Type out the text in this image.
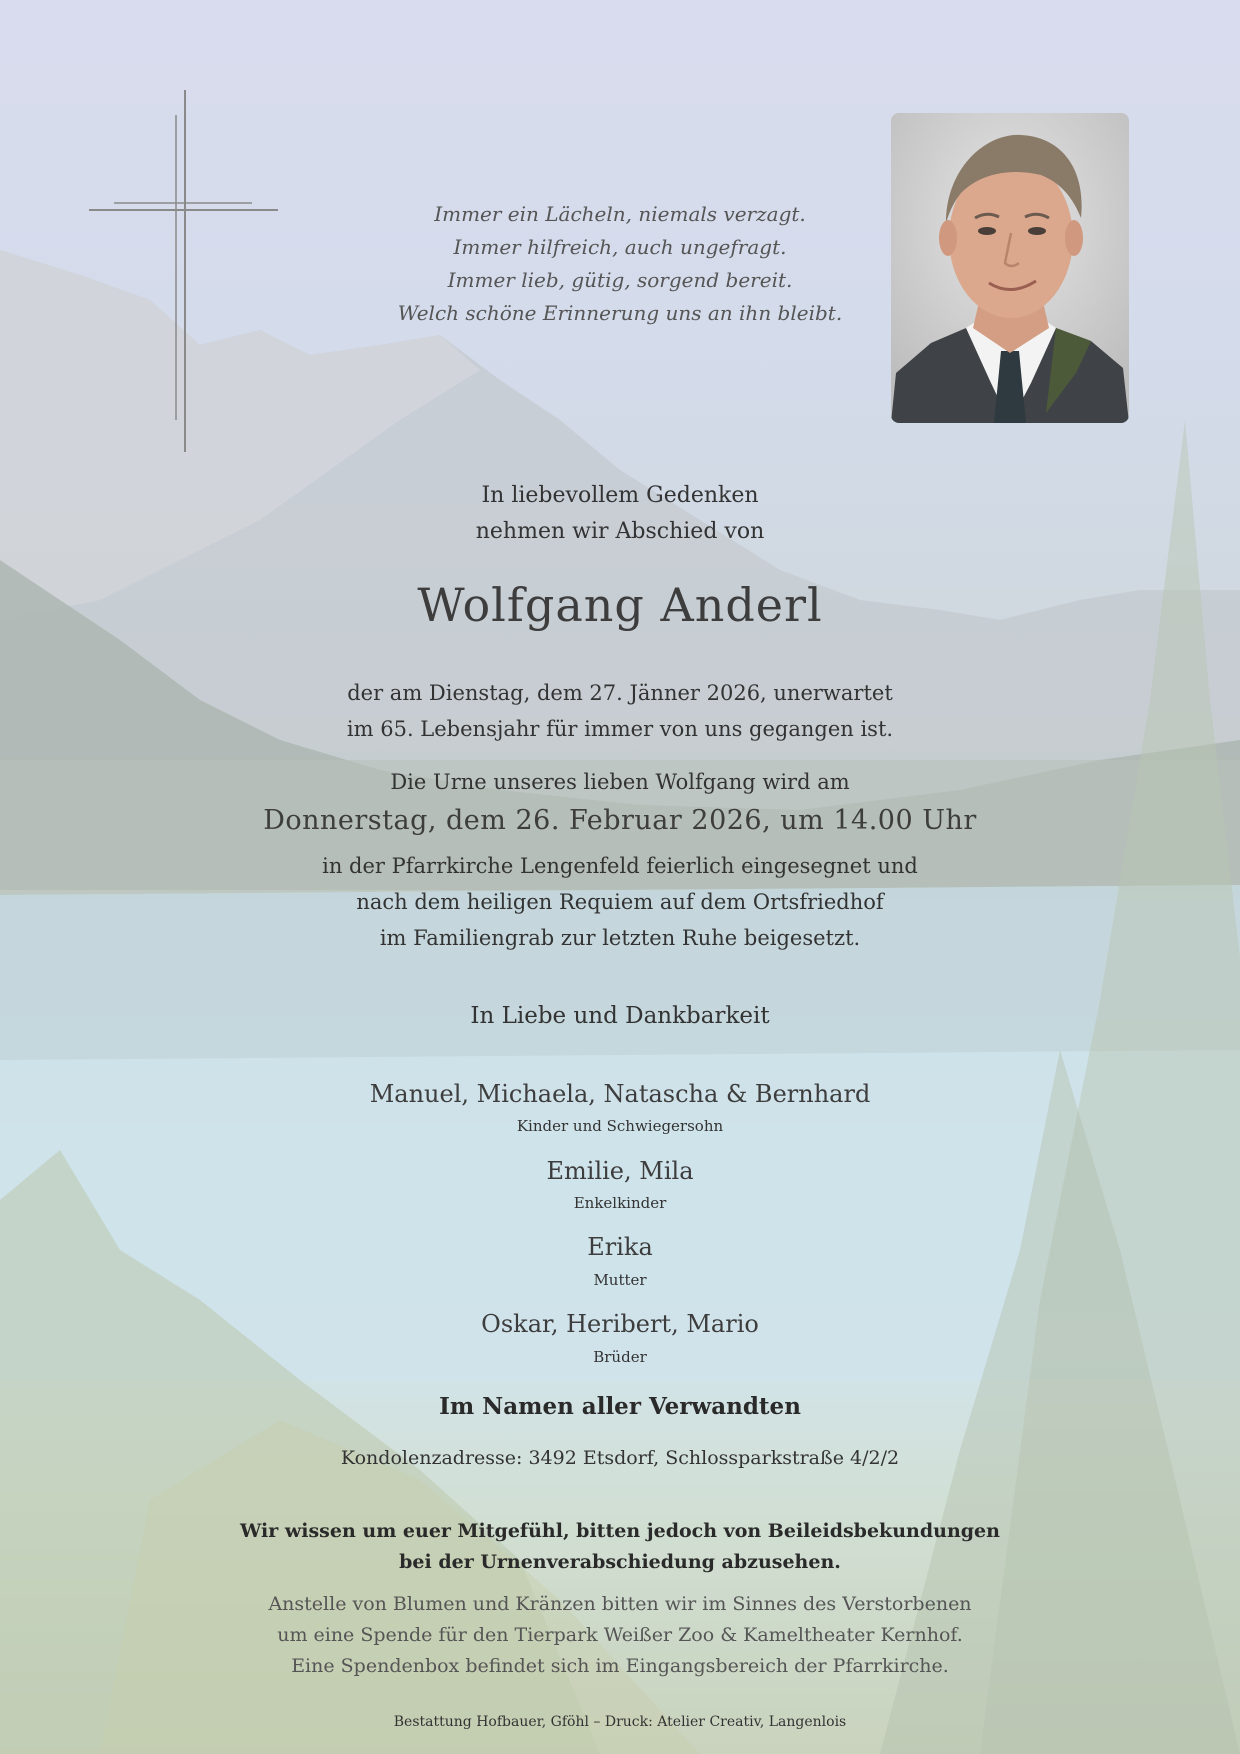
Immer ein Lächeln, niemals verzagt.
Immer hilfreich, auch ungefragt.
Immer lieb, gütig, sorgend bereit.
Welch schöne Erinnerung uns an ihn bleibt.
In liebevollem Gedenken
nehmen wir Abschied von
Wolfgang Anderl
der am Dienstag, dem 27. Jänner 2026, unerwartet
im 65. Lebensjahr für immer von uns gegangen ist.
Die Urne unseres lieben Wolfgang wird am
Donnerstag, dem 26. Februar 2026, um 14.00 Uhr
in der Pfarrkirche Lengenfeld feierlich eingesegnet und
nach dem heiligen Requiem auf dem Ortsfriedhof
im Familiengrab zur letzten Ruhe beigesetzt.
In Liebe und Dankbarkeit
Manuel, Michaela, Natascha & Bernhard
Kinder und Schwiegersohn
Emilie, Mila
Enkelkinder
Erika
Mutter
Oskar, Heribert, Mario
Brüder
Im Namen aller Verwandten
Kondolenzadresse: 3492 Etsdorf, Schlossparkstraße 4/2/2
Wir wissen um euer Mitgefühl, bitten jedoch von Beileidsbekundungen
bei der Urnenverabschiedung abzusehen.
Anstelle von Blumen und Kränzen bitten wir im Sinnes des Verstorbenen
um eine Spende für den Tierpark Weißer Zoo & Kameltheater Kernhof.
Eine Spendenbox befindet sich im Eingangsbereich der Pfarrkirche.
Bestattung Hofbauer, Gföhl – Druck: Atelier Creativ, Langenlois
